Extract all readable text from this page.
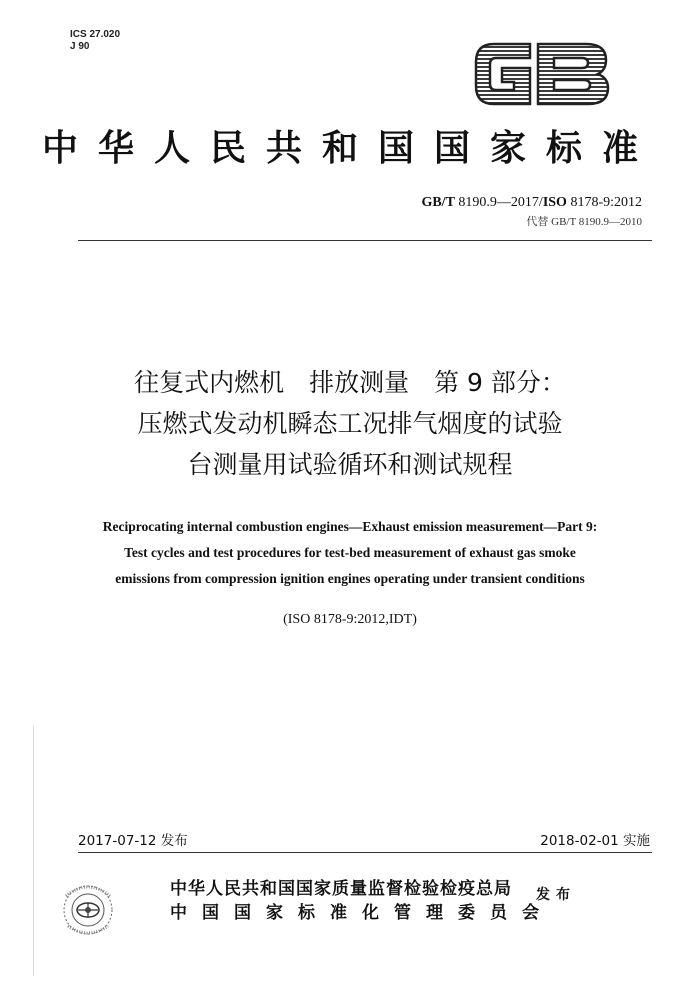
ICS 27.020
J 90
中华人民共和国国家标准
GB/T 8190.9—2017/ISO 8178-9:2012
代替 GB/T 8190.9—2010
往复式内燃机　排放测量　第 9 部分：
压燃式发动机瞬态工况排气烟度的试验
台测量用试验循环和测试规程
Reciprocating internal combustion engines—Exhaust emission measurement—Part 9:
Test cycles and test procedures for test-bed measurement of exhaust gas smoke
emissions from compression ignition engines operating under transient conditions
(ISO 8178-9:2012,IDT)
2017-07-12 发布	2018-02-01 实施
中华人民共和国国家质量监督检验检疫总局
中国国家标准化管理委员会
发布
